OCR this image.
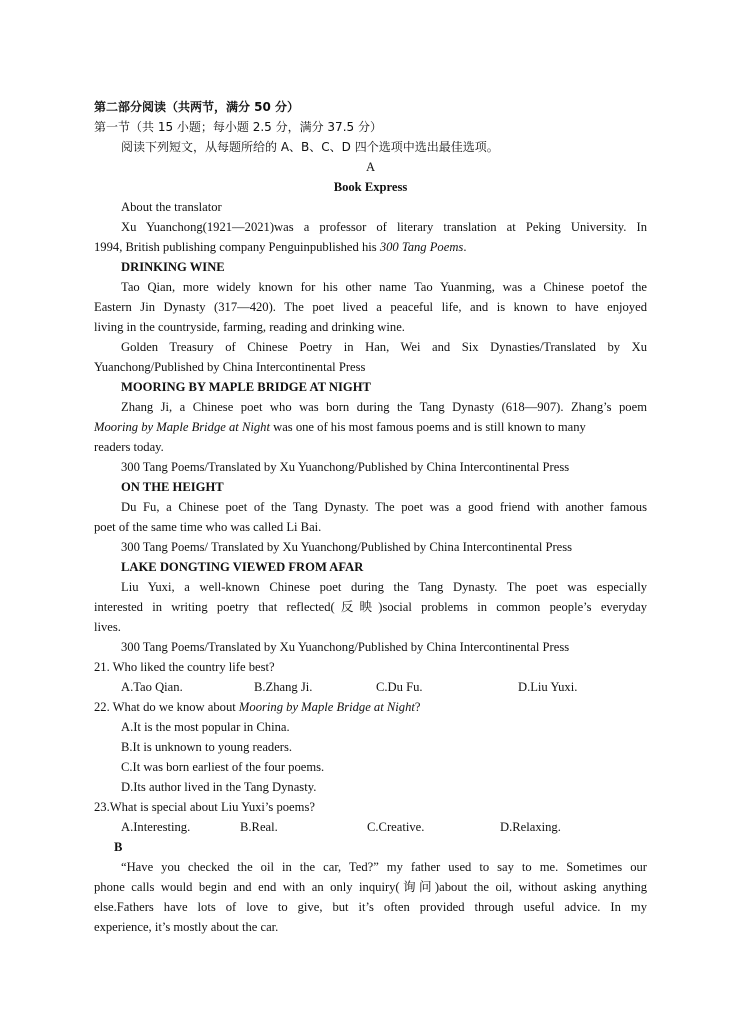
第二部分阅读（共两节，满分 50 分）
第一节（共 15 小题；每小题 2.5 分，满分 37.5 分）
阅读下列短文，从每题所给的 A、B、C、D 四个选项中选出最佳选项。
A
Book Express
About the translator
Xu Yuanchong(1921—2021)was a professor of literary translation at Peking University. In
1994, British publishing company Penguinpublished his 300 Tang Poems.
DRINKING WINE
Tao Qian, more widely known for his other name Tao Yuanming, was a Chinese poetof the
Eastern Jin Dynasty (317—420). The poet lived a peaceful life, and is known to have enjoyed
living in the countryside, farming, reading and drinking wine.
Golden Treasury of Chinese Poetry in Han, Wei and Six Dynasties/Translated by Xu
Yuanchong/Published by China Intercontinental Press
MOORING BY MAPLE BRIDGE AT NIGHT
Zhang Ji, a Chinese poet who was born during the Tang Dynasty (618—907). Zhang’s poem
Mooring by Maple Bridge at Night was one of his most famous poems and is still known to many
readers today.
300 Tang Poems/Translated by Xu Yuanchong/Published by China Intercontinental Press
ON THE HEIGHT
Du Fu, a Chinese poet of the Tang Dynasty. The poet was a good friend with another famous
poet of the same time who was called Li Bai.
300 Tang Poems/ Translated by Xu Yuanchong/Published by China Intercontinental Press
LAKE DONGTING VIEWED FROM AFAR
Liu Yuxi, a well-known Chinese poet during the Tang Dynasty. The poet was especially
interested in writing poetry that reflected(反映)social problems in common people’s everyday
lives.
300 Tang Poems/Translated by Xu Yuanchong/Published by China Intercontinental Press
21. Who liked the country life best?
A.Tao Qian.	B.Zhang Ji.	C.Du Fu.	D.Liu Yuxi.
22. What do we know about Mooring by Maple Bridge at Night?
A.It is the most popular in China.
B.It is unknown to young readers.
C.It was born earliest of the four poems.
D.Its author lived in the Tang Dynasty.
23.What is special about Liu Yuxi’s poems?
A.Interesting.	B.Real.	C.Creative.	D.Relaxing.
B
“Have you checked the oil in the car, Ted?” my father used to say to me. Sometimes our
phone calls would begin and end with an only inquiry(询问)about the oil, without asking anything
else.Fathers have lots of love to give, but it’s often provided through useful advice. In my
experience, it’s mostly about the car.
